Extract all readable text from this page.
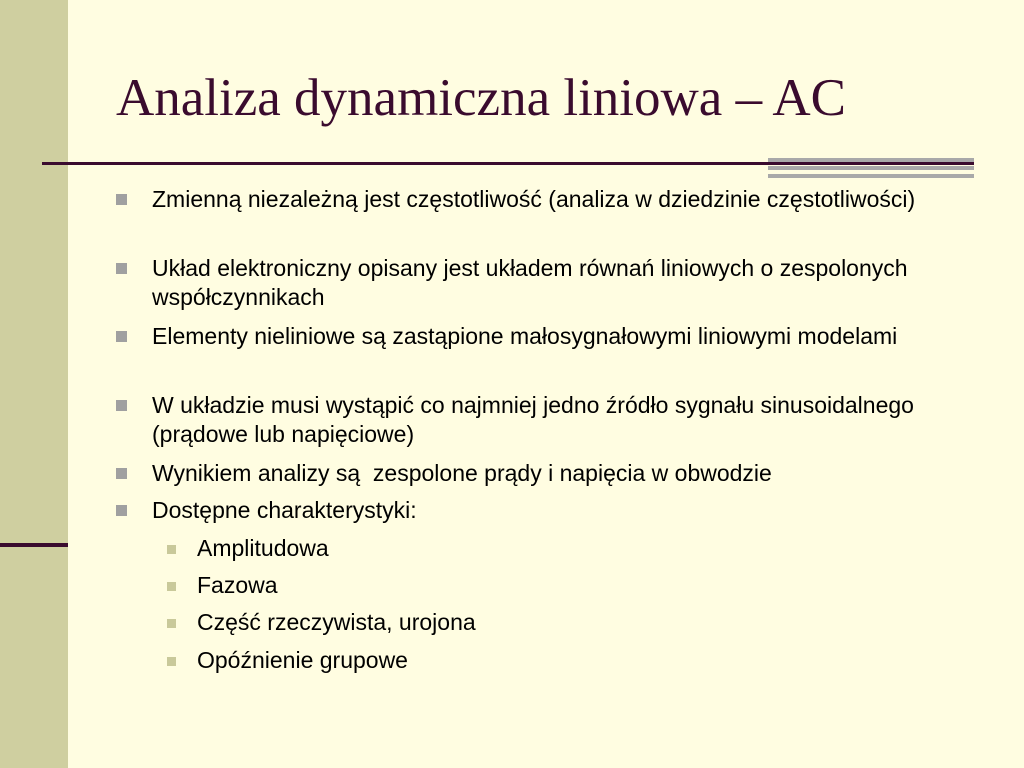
Analiza dynamiczna liniowa – AC
Zmienną niezależną jest częstotliwość (analiza w dziedzinie częstotliwości)
Układ elektroniczny opisany jest układem równań liniowych o zespolonych współczynnikach
Elementy nieliniowe są zastąpione małosygnałowymi liniowymi modelami
W układzie musi wystąpić co najmniej jedno źródło sygnału sinusoidalnego (prądowe lub napięciowe)
Wynikiem analizy są  zespolone prądy i napięcia w obwodzie
Dostępne charakterystyki:
Amplitudowa
Fazowa
Część rzeczywista, urojona
Opóźnienie grupowe
